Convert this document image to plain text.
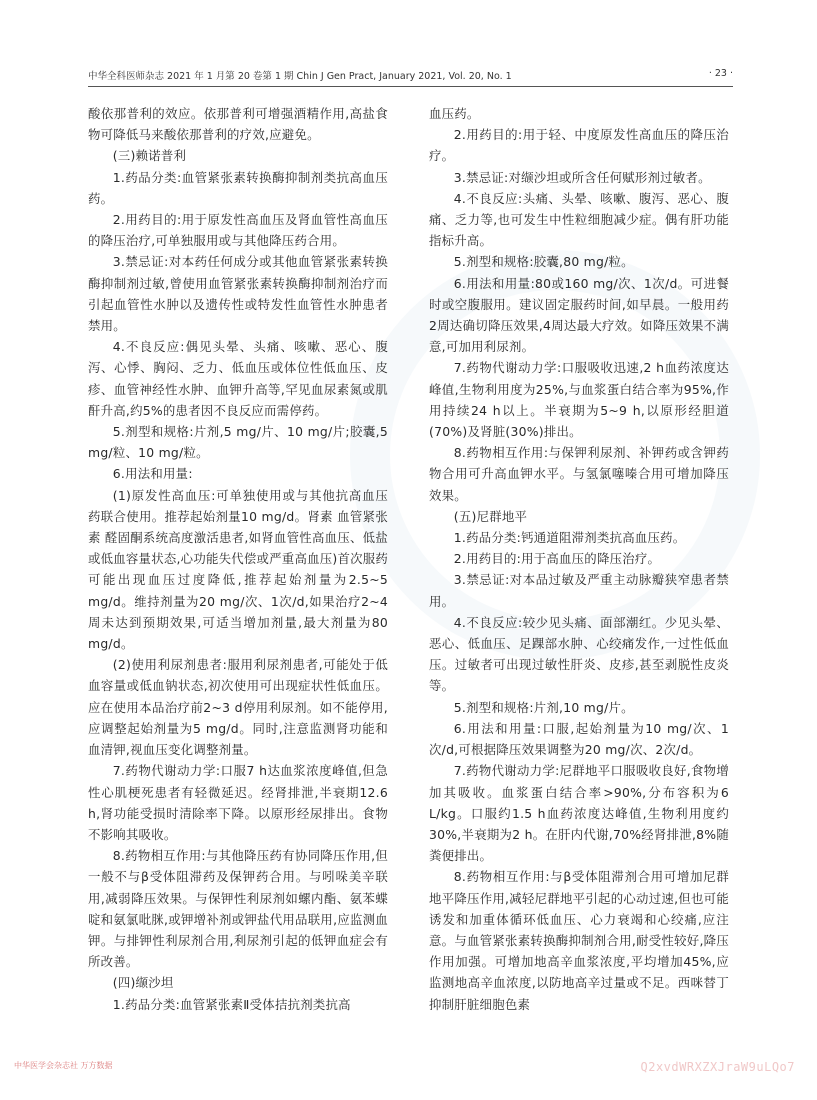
中华全科医师杂志 2021 年 1 月第 20 卷第 1 期 Chin J Gen Pract, January 2021, Vol. 20, No. 1	· 23 ·

酸依那普利的效应。依那普利可增强酒精作用,高盐食物可降低马来酸依那普利的疗效,应避免。

(三)赖诺普利

1.药品分类:血管紧张素转换酶抑制剂类抗高血压药。

2.用药目的:用于原发性高血压及肾血管性高血压的降压治疗,可单独服用或与其他降压药合用。

3.禁忌证:对本药任何成分或其他血管紧张素转换酶抑制剂过敏,曾使用血管紧张素转换酶抑制剂治疗而引起血管性水肿以及遗传性或特发性血管性水肿患者禁用。

4.不良反应:偶见头晕、头痛、咳嗽、恶心、腹泻、心悸、胸闷、乏力、低血压或体位性低血压、皮疹、血管神经性水肿、血钾升高等,罕见血尿素氮或肌酐升高,约5%的患者因不良反应而需停药。

5.剂型和规格:片剂,5 mg/片、10 mg/片;胶囊,5 mg/粒、10 mg/粒。

6.用法和用量:

(1)原发性高血压:可单独使用或与其他抗高血压药联合使用。推荐起始剂量10 mg/d。肾素 血管紧张素 醛固酮系统高度激活患者,如肾血管性高血压、低盐或低血容量状态,心功能失代偿或严重高血压)首次服药可能出现血压过度降低,推荐起始剂量为2.5~5 mg/d。维持剂量为20 mg/次、1次/d,如果治疗2~4周未达到预期效果,可适当增加剂量,最大剂量为80 mg/d。

(2)使用利尿剂患者:服用利尿剂患者,可能处于低血容量或低血钠状态,初次使用可出现症状性低血压。应在使用本品治疗前2~3 d停用利尿剂。如不能停用,应调整起始剂量为5 mg/d。同时,注意监测肾功能和血清钾,视血压变化调整剂量。

7.药物代谢动力学:口服7 h达血浆浓度峰值,但急性心肌梗死患者有轻微延迟。经肾排泄,半衰期12.6 h,肾功能受损时清除率下降。以原形经尿排出。食物不影响其吸收。

8.药物相互作用:与其他降压药有协同降压作用,但一般不与β受体阻滞药及保钾药合用。与吲哚美辛联用,减弱降压效果。与保钾性利尿剂如螺内酯、氨苯蝶啶和氨氯吡脒,或钾增补剂或钾盐代用品联用,应监测血钾。与排钾性利尿剂合用,利尿剂引起的低钾血症会有所改善。

(四)缬沙坦

1.药品分类:血管紧张素Ⅱ受体拮抗剂类抗高

血压药。

2.用药目的:用于轻、中度原发性高血压的降压治疗。

3.禁忌证:对缬沙坦或所含任何赋形剂过敏者。

4.不良反应:头痛、头晕、咳嗽、腹泻、恶心、腹痛、乏力等,也可发生中性粒细胞减少症。偶有肝功能指标升高。

5.剂型和规格:胶囊,80 mg/粒。

6.用法和用量:80或160 mg/次、1次/d。可进餐时或空腹服用。建议固定服药时间,如早晨。一般用药2周达确切降压效果,4周达最大疗效。如降压效果不满意,可加用利尿剂。

7.药物代谢动力学:口服吸收迅速,2 h血药浓度达峰值,生物利用度为25%,与血浆蛋白结合率为95%,作用持续24 h以上。半衰期为5~9 h,以原形经胆道(70%)及肾脏(30%)排出。

8.药物相互作用:与保钾利尿剂、补钾药或含钾药物合用可升高血钾水平。与氢氯噻嗪合用可增加降压效果。

(五)尼群地平

1.药品分类:钙通道阻滞剂类抗高血压药。

2.用药目的:用于高血压的降压治疗。

3.禁忌证:对本品过敏及严重主动脉瓣狭窄患者禁用。

4.不良反应:较少见头痛、面部潮红。少见头晕、恶心、低血压、足踝部水肿、心绞痛发作,一过性低血压。过敏者可出现过敏性肝炎、皮疹,甚至剥脱性皮炎等。

5.剂型和规格:片剂,10 mg/片。

6.用法和用量:口服,起始剂量为10 mg/次、1次/d,可根据降压效果调整为20 mg/次、2次/d。

7.药物代谢动力学:尼群地平口服吸收良好,食物增加其吸收。血浆蛋白结合率>90%,分布容积为6 L/kg。口服约1.5 h血药浓度达峰值,生物利用度约30%,半衰期为2 h。在肝内代谢,70%经肾排泄,8%随粪便排出。

8.药物相互作用:与β受体阻滞剂合用可增加尼群地平降压作用,减轻尼群地平引起的心动过速,但也可能诱发和加重体循环低血压、心力衰竭和心绞痛,应注意。与血管紧张素转换酶抑制剂合用,耐受性较好,降压作用加强。可增加地高辛血浆浓度,平均增加45%,应监测地高辛血浓度,以防地高辛过量或不足。西咪替丁抑制肝脏细胞色素

中华医学会杂志社 万方数据	Q2xvdWRXZXJraW9uLQo7
